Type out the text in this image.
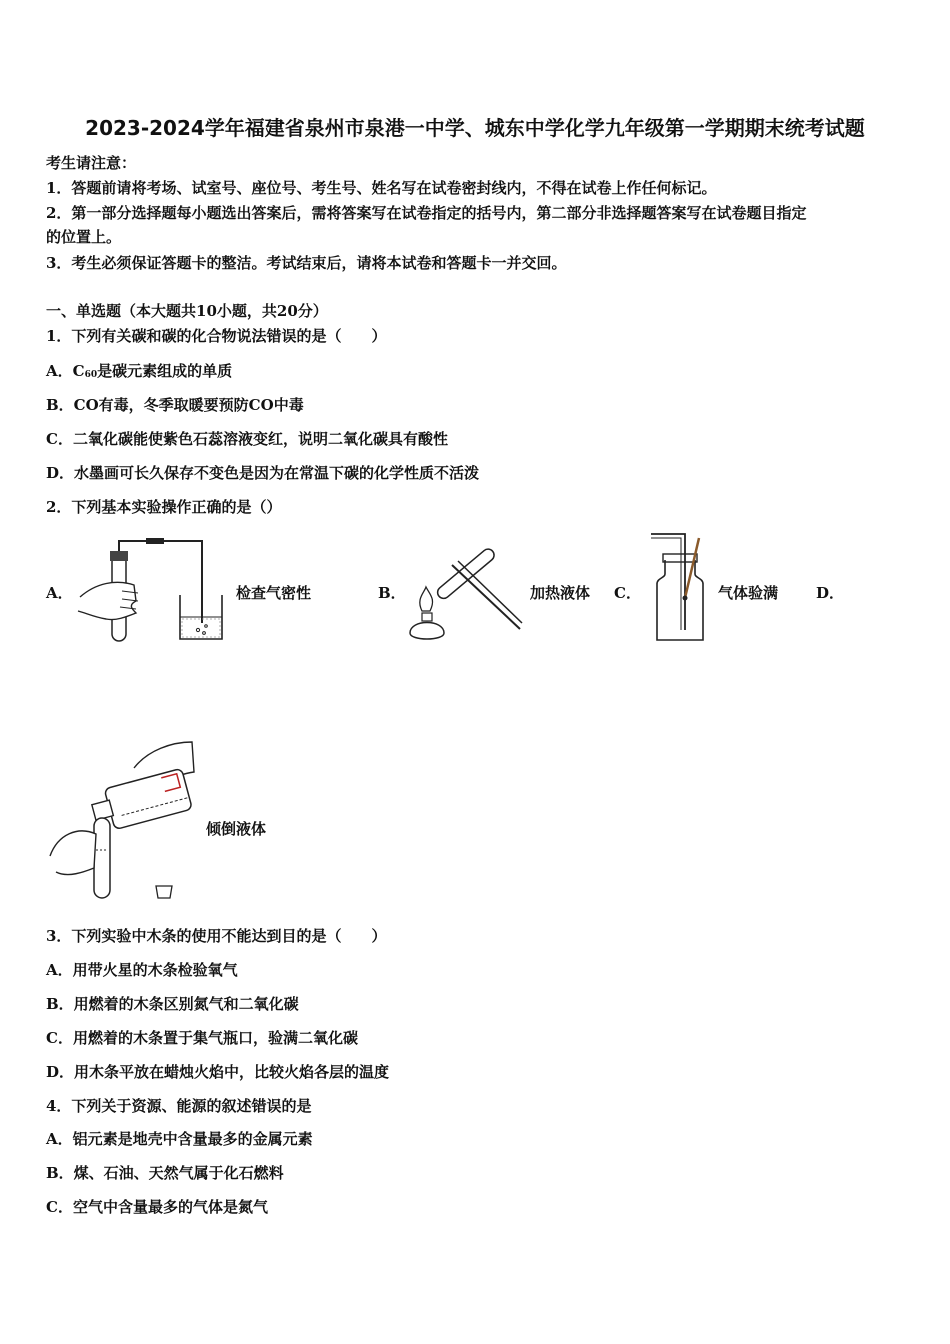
2023-2024学年福建省泉州市泉港一中学、城东中学化学九年级第一学期期末统考试题
考生请注意：
1．答题前请将考场、试室号、座位号、考生号、姓名写在试卷密封线内，不得在试卷上作任何标记。
2．第一部分选择题每小题选出答案后，需将答案写在试卷指定的括号内，第二部分非选择题答案写在试卷题目指定
的位置上。
3．考生必须保证答题卡的整洁。考试结束后，请将本试卷和答题卡一并交回。
一、单选题（本大题共10小题，共20分）
1．下列有关碳和碳的化合物说法错误的是（　　）
A．$C_{60}$是碳元素组成的单质
B．CO有毒，冬季取暖要预防CO中毒
C．二氧化碳能使紫色石蕊溶液变红，说明二氧化碳具有酸性
D．水墨画可长久保存不变色是因为在常温下碳的化学性质不活泼
2．下列基本实验操作正确的是（）
A．	检查气密性	B．	加热液体 C．	气体验满	D．
倾倒液体
3．下列实验中木条的使用不能达到目的是（　　）
A．用带火星的木条检验氧气
B．用燃着的木条区别氮气和二氧化碳
C．用燃着的木条置于集气瓶口，验满二氧化碳
D．用木条平放在蜡烛火焰中，比较火焰各层的温度
4．下列关于资源、能源的叙述错误的是
A．铝元素是地壳中含量最多的金属元素
B．煤、石油、天然气属于化石燃料
C．空气中含量最多的气体是氮气
